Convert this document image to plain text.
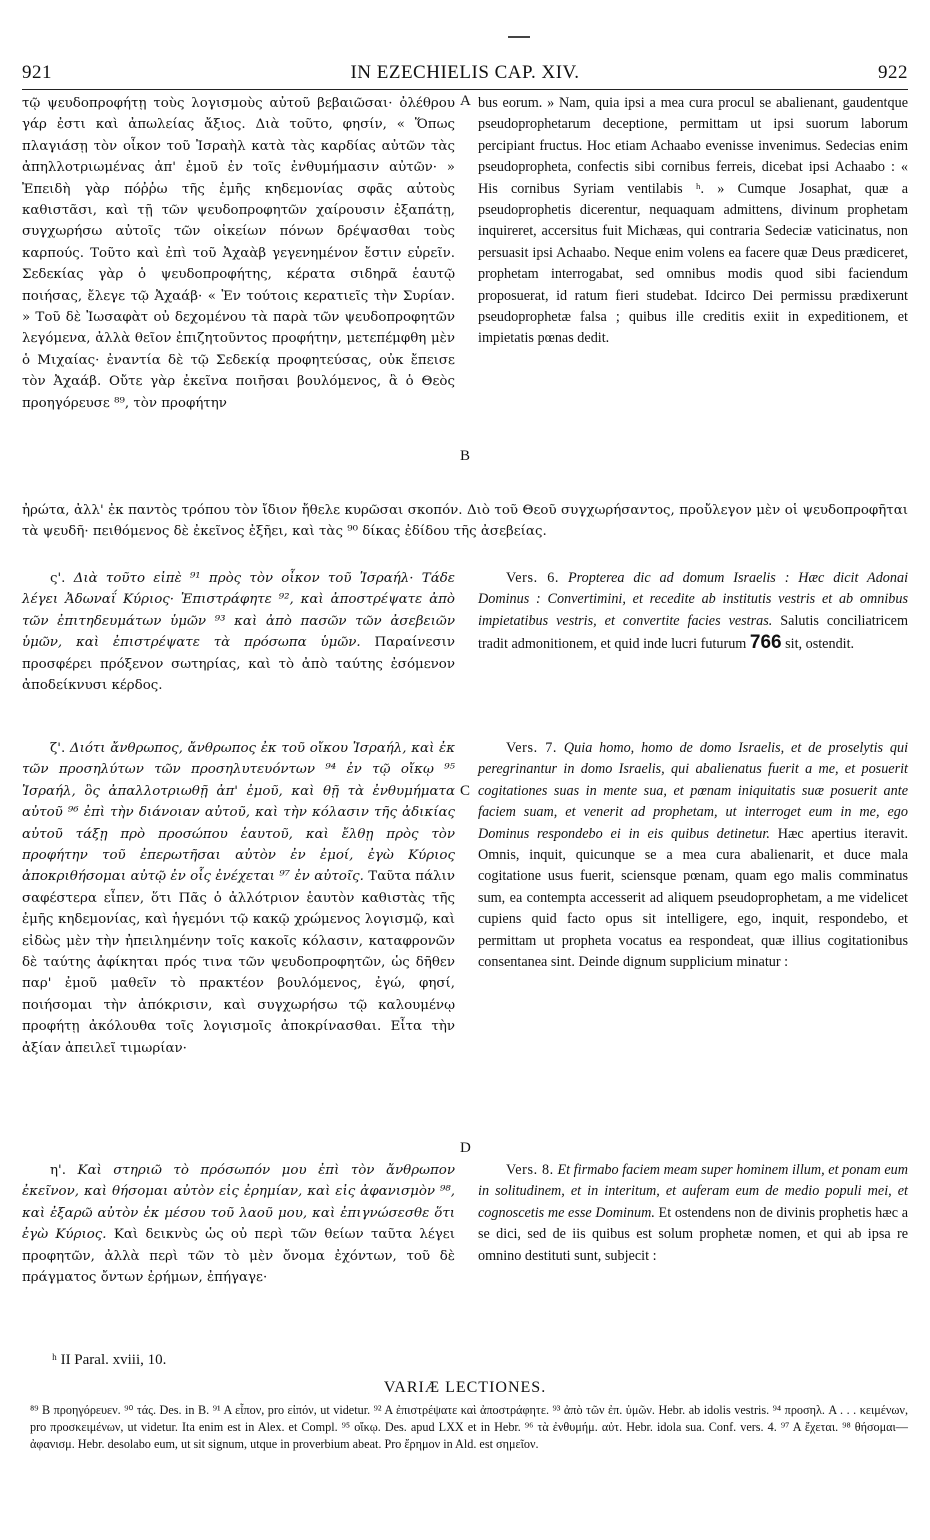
921	IN EZECHIELIS CAP. XIV.	922

τῷ ψευδοπροφήτῃ τοὺς λογισμοὺς αὐτοῦ βεβαιῶσαι· ὀλέθρου γάρ ἐστι καὶ ἀπωλείας ἄξιος. Διὰ τοῦτο, φησίν, « Ὅπως πλαγιάσῃ τὸν οἶκον τοῦ Ἰσραὴλ κατὰ τὰς καρδίας αὐτῶν τὰς ἀπηλλοτριωμένας ἀπ' ἐμοῦ ἐν τοῖς ἐνθυμήμασιν αὐτῶν· » Ἐπειδὴ γὰρ πόῤῥω τῆς ἐμῆς κηδεμονίας σφᾶς αὐτοὺς καθιστᾶσι, καὶ τῇ τῶν ψευδοπροφητῶν χαίρουσιν ἐξαπάτῃ, συγχωρήσω αὐτοῖς τῶν οἰκείων πόνων δρέψασθαι τοὺς καρπούς. Τοῦτο καὶ ἐπὶ τοῦ Ἀχαὰβ γεγενημένον ἔστιν εὑρεῖν. Σεδεκίας γὰρ ὁ ψευδοπροφήτης, κέρατα σιδηρᾶ ἑαυτῷ ποιήσας, ἔλεγε τῷ Ἀχαάβ· « Ἐν τούτοις κερατιεῖς τὴν Συρίαν. » Τοῦ δὲ Ἰωσαφὰτ οὐ δεχομένου τὰ παρὰ τῶν ψευδοπροφητῶν λεγόμενα, ἀλλὰ θεῖον ἐπιζητοῦντος προφήτην, μετεπέμφθη μὲν ὁ Μιχαίας· ἐναντία δὲ τῷ Σεδεκίᾳ προφητεύσας, οὐκ ἔπεισε τὸν Ἀχαάβ. Οὔτε γὰρ ἐκεῖνα ποιῆσαι βουλόμενος, ἃ ὁ Θεὸς προηγόρευσε ⁸⁹, τὸν προφήτην

bus eorum. » Nam, quia ipsi a mea cura procul se abalienant, gaudentque pseudoprophetarum deceptione, permittam ut ipsi suorum laborum percipiant fructus. Hoc etiam Achaabo evenisse invenimus. Sedecias enim pseudopropheta, confectis sibi cornibus ferreis, dicebat ipsi Achaabo : « His cornibus Syriam ventilabis ʰ. » Cumque Josaphat, quæ a pseudoprophetis dicerentur, nequaquam admittens, divinum prophetam inquireret, accersitus fuit Michæas, qui contraria Sedeciæ vaticinatus, non persuasit ipsi Achaabo. Neque enim volens ea facere quæ Deus prædiceret, prophetam interrogabat, sed omnibus modis quod sibi faciendum proposuerat, id ratum fieri studebat. Idcirco Dei permissu prædixerunt pseudoprophetæ falsa ; quibus ille creditis exiit in expeditionem, et impietatis pœnas dedit.

A
B
ἠρώτα, ἀλλ' ἐκ παντὸς τρόπου τὸν ἴδιον ἤθελε κυρῶσαι σκοπόν. Διὸ τοῦ Θεοῦ συγχωρήσαντος, προὔλεγον μὲν οἱ ψευδοπροφῆται τὰ ψευδῆ· πειθόμενος δὲ ἐκεῖνος ἐξῆει, καὶ τὰς ⁹⁰ δίκας ἐδίδου τῆς ἀσεβείας.

ς'. Διὰ τοῦτο εἰπὲ ⁹¹ πρὸς τὸν οἶκον τοῦ Ἰσραήλ· Τάδε λέγει Ἀδωναΐ Κύριος· Ἐπιστράφητε ⁹², καὶ ἀποστρέψατε ἀπὸ τῶν ἐπιτηδευμάτων ὑμῶν ⁹³ καὶ ἀπὸ πασῶν τῶν ἀσεβειῶν ὑμῶν, καὶ ἐπιστρέψατε τὰ πρόσωπα ὑμῶν. Παραίνεσιν προσφέρει πρόξενον σωτηρίας, καὶ τὸ ἀπὸ ταύτης ἐσόμενον ἀποδείκνυσι κέρδος.

Vers. 6. Propterea dic ad domum Israelis : Hæc dicit Adonai Dominus : Convertimini, et recedite ab institutis vestris et ab omnibus impietatibus vestris, et convertite facies vestras. Salutis conciliatricem tradit admonitionem, et quid inde lucri futurum 766 sit, ostendit.

ζ'. Διότι ἄνθρωπος, ἄνθρωπος ἐκ τοῦ οἴκου Ἰσραήλ, καὶ ἐκ τῶν προσηλύτων τῶν προσηλυτευόντων ⁹⁴ ἐν τῷ οἴκῳ ⁹⁵ Ἰσραήλ, ὃς ἀπαλλοτριωθῇ ἀπ' ἐμοῦ, καὶ θῇ τὰ ἐνθυμήματα αὐτοῦ ⁹⁶ ἐπὶ τὴν διάνοιαν αὐτοῦ, καὶ τὴν κόλασιν τῆς ἀδικίας αὐτοῦ τάξῃ πρὸ προσώπου ἑαυτοῦ, καὶ ἔλθῃ πρὸς τὸν προφήτην τοῦ ἐπερωτῆσαι αὐτὸν ἐν ἐμοί, ἐγὼ Κύριος ἀποκριθήσομαι αὐτῷ ἐν οἷς ἐνέχεται ⁹⁷ ἐν αὐτοῖς. Ταῦτα πάλιν σαφέστερα εἶπεν, ὅτι Πᾶς ὁ ἀλλότριον ἑαυτὸν καθιστὰς τῆς ἐμῆς κηδεμονίας, καὶ ἡγεμόνι τῷ κακῷ χρώμενος λογισμῷ, καὶ εἰδὼς μὲν τὴν ἠπειλημένην τοῖς κακοῖς κόλασιν, καταφρονῶν δὲ ταύτης ἀφίκηται πρός τινα τῶν ψευδοπροφητῶν, ὡς δῆθεν παρ' ἐμοῦ μαθεῖν τὸ πρακτέον βουλόμενος, ἐγώ, φησί, ποιήσομαι τὴν ἀπόκρισιν, καὶ συγχωρήσω τῷ καλουμένῳ προφήτῃ ἀκόλουθα τοῖς λογισμοῖς ἀποκρίνασθαι. Εἶτα τὴν ἀξίαν ἀπειλεῖ τιμωρίαν·

Vers. 7. Quia homo, homo de domo Israelis, et de proselytis qui peregrinantur in domo Israelis, qui abalienatus fuerit a me, et posuerit cogitationes suas in mente sua, et pœnam iniquitatis suæ posuerit ante faciem suam, et venerit ad prophetam, ut interroget eum in me, ego Dominus respondebo ei in eis quibus detinetur. Hæc apertius iteravit. Omnis, inquit, quicunque se a mea cura abalienarit, et duce mala cogitatione usus fuerit, sciensque pœnam, quam ego malis comminatus sum, ea contempta accesserit ad aliquem pseudoprophetam, a me videlicet cupiens quid facto opus sit intelligere, ego, inquit, respondebo, et permittam ut propheta vocatus ea respondeat, quæ illius cogitationibus consentanea sint. Deinde dignum supplicium minatur :

C
D

η'. Καὶ στηριῶ τὸ πρόσωπόν μου ἐπὶ τὸν ἄνθρωπον ἐκεῖνον, καὶ θήσομαι αὐτὸν εἰς ἐρημίαν, καὶ εἰς ἀφανισμὸν ⁹⁸, καὶ ἐξαρῶ αὐτὸν ἐκ μέσου τοῦ λαοῦ μου, καὶ ἐπιγνώσεσθε ὅτι ἐγὼ Κύριος. Καὶ δεικνὺς ὡς οὐ περὶ τῶν θείων ταῦτα λέγει προφητῶν, ἀλλὰ περὶ τῶν τὸ μὲν ὄνομα ἐχόντων, τοῦ δὲ πράγματος ὄντων ἐρήμων, ἐπήγαγε·

Vers. 8. Et firmabo faciem meam super hominem illum, et ponam eum in solitudinem, et in interitum, et auferam eum de medio populi mei, et cognoscetis me esse Dominum. Et ostendens non de divinis prophetis hæc a se dici, sed de iis quibus est solum prophetæ nomen, et qui ab ipsa re omnino destituti sunt, subjecit :

ʰ II Paral. xviii, 10.
VARIÆ LECTIONES.
⁸⁹ B προηγόρευεν. ⁹⁰ τάς. Des. in B. ⁹¹ A εἶπον, pro εἰπόν, ut videtur. ⁹² A ἐπιστρέψατε καὶ ἀποστράφητε. ⁹³ ἀπὸ τῶν ἐπ. ὑμῶν. Hebr. ab idolis vestris. ⁹⁴ προσηλ. A . . . κειμένων, pro προσκειμένων, ut videtur. Ita enim est in Alex. et Compl. ⁹⁵ οἴκῳ. Des. apud LXX et in Hebr. ⁹⁶ τὰ ἐνθυμήμ. αὐτ. Hebr. idola sua. Conf. vers. 4. ⁹⁷ A ἔχεται. ⁹⁸ θήσομαι—ἀφανισμ. Hebr. desolabo eum, ut sit signum, utque in proverbium abeat. Pro ἔρημον in Ald. est σημεῖον.
